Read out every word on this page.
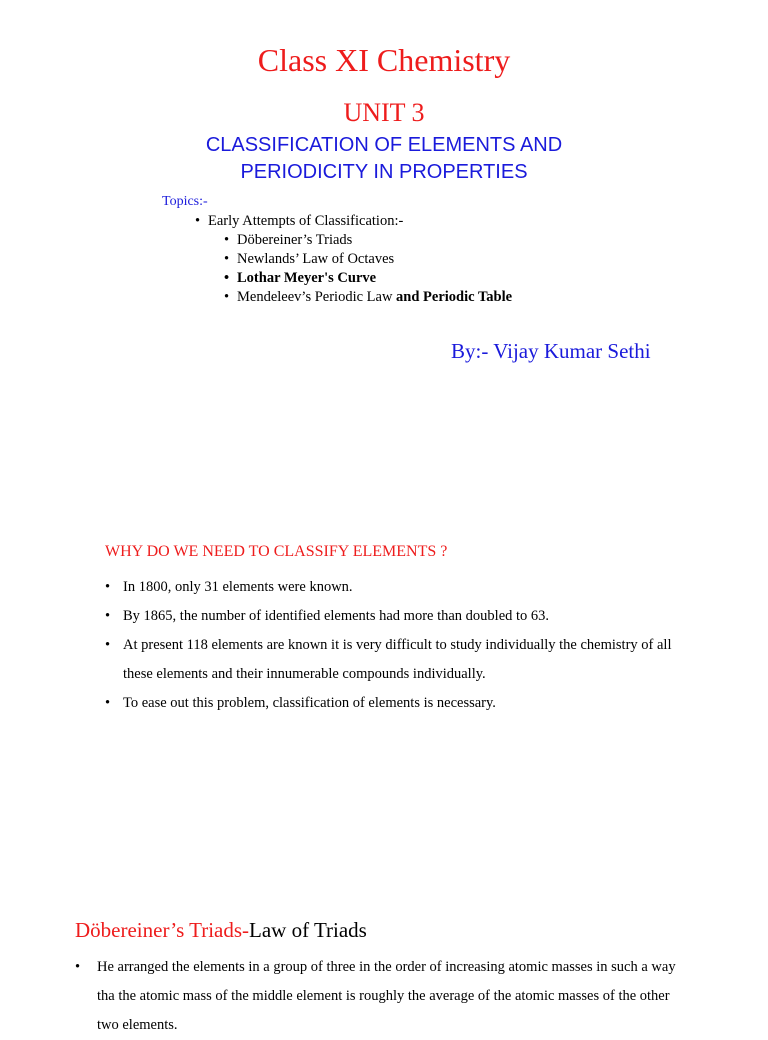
Class XI Chemistry
UNIT 3
CLASSIFICATION OF ELEMENTS AND
PERIODICITY IN PROPERTIES
Topics:-
• Early Attempts of Classification:-
• Döbereiner’s Triads
• Newlands’ Law of Octaves
• Lothar Meyer's Curve
• Mendeleev’s Periodic Law and Periodic Table
By:- Vijay Kumar Sethi
WHY DO WE NEED TO CLASSIFY ELEMENTS ?
• In 1800, only 31 elements were known.
• By 1865, the number of identified elements had more than doubled to 63.
• At present 118 elements are known it is very difficult to study individually the chemistry of all these elements and their innumerable compounds individually.
• To ease out this problem, classification of elements is necessary.
Döbereiner’s Triads-Law of Triads
• He arranged the elements in a group of three in the order of increasing atomic masses in such a way tha the atomic mass of the middle element is roughly the average of the atomic masses of the other two elements.
